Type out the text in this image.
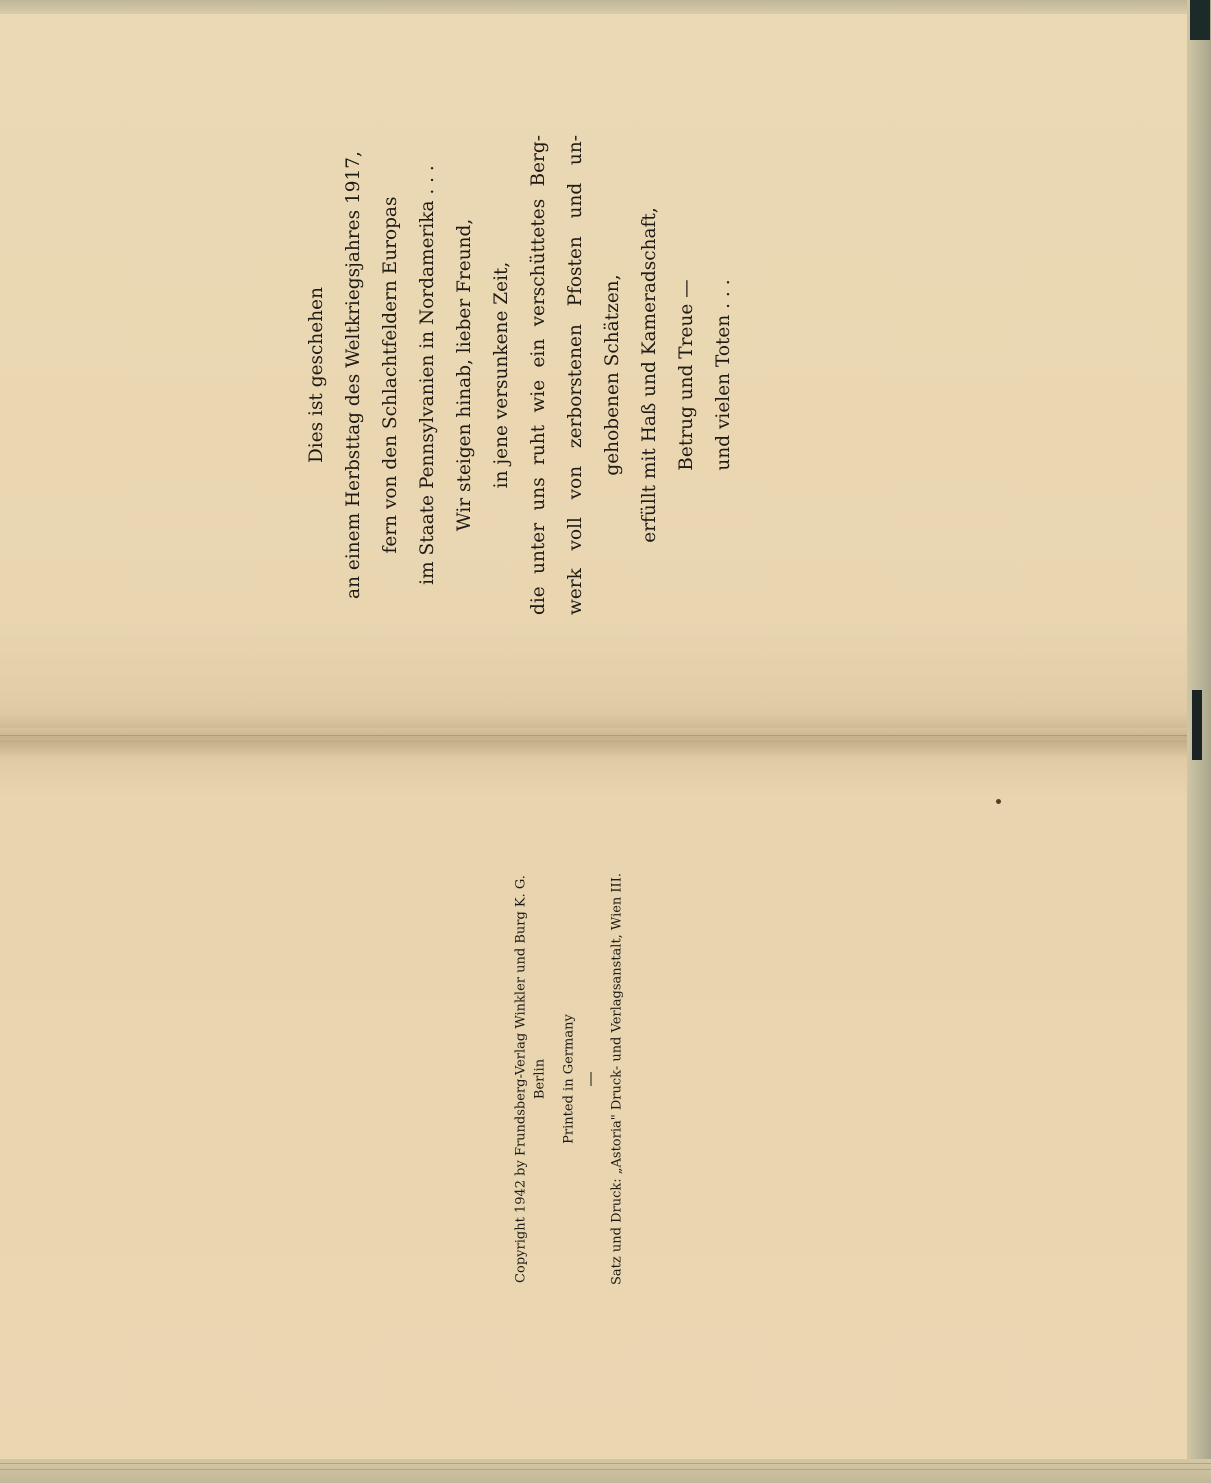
Dies ist geschehen an einem Herbsttag des Weltkriegsjahres 1917, fern von den Schlachtfeldern Europas im Staate Pennsylvanien in Nordamerika . . . Wir steigen hinab, lieber Freund, in jene versunkene Zeit, die unter uns ruht wie ein verschüttetes Berg- werk voll von zerborstenen Pfosten und un- gehobenen Schätzen, erfüllt mit Haß und Kameradschaft, Betrug und Treue — und vielen Toten . . .
Copyright 1942 by Frundsberg-Verlag Winkler und Burg K. G. Berlin Printed in Germany	Satz und Druck: „Astoria" Druck- und Verlagsanstalt, Wien III.
